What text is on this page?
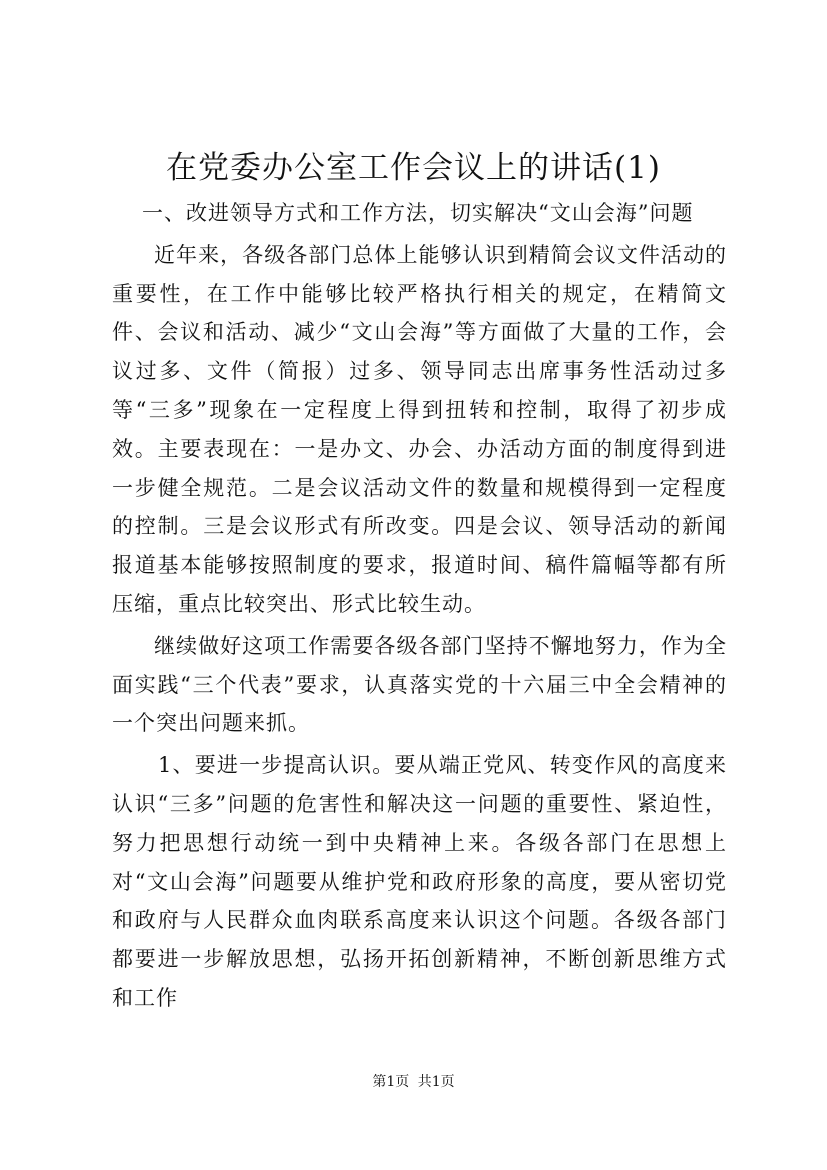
在党委办公室工作会议上的讲话(1)

一、改进领导方式和工作方法，切实解决“文山会海”问题

近年来，各级各部门总体上能够认识到精简会议文件活动的重要性，在工作中能够比较严格执行相关的规定，在精简文件、会议和活动、减少“文山会海”等方面做了大量的工作，会议过多、文件（简报）过多、领导同志出席事务性活动过多等“三多”现象在一定程度上得到扭转和控制，取得了初步成效。主要表现在：一是办文、办会、办活动方面的制度得到进一步健全规范。二是会议活动文件的数量和规模得到一定程度的控制。三是会议形式有所改变。四是会议、领导活动的新闻报道基本能够按照制度的要求，报道时间、稿件篇幅等都有所压缩，重点比较突出、形式比较生动。

继续做好这项工作需要各级各部门坚持不懈地努力，作为全面实践“三个代表”要求，认真落实党的十六届三中全会精神的一个突出问题来抓。

1、要进一步提高认识。要从端正党风、转变作风的高度来认识“三多”问题的危害性和解决这一问题的重要性、紧迫性，努力把思想行动统一到中央精神上来。各级各部门在思想上对“文山会海”问题要从维护党和政府形象的高度，要从密切党和政府与人民群众血肉联系高度来认识这个问题。各级各部门都要进一步解放思想，弘扬开拓创新精神，不断创新思维方式和工作

第1页 共1页
